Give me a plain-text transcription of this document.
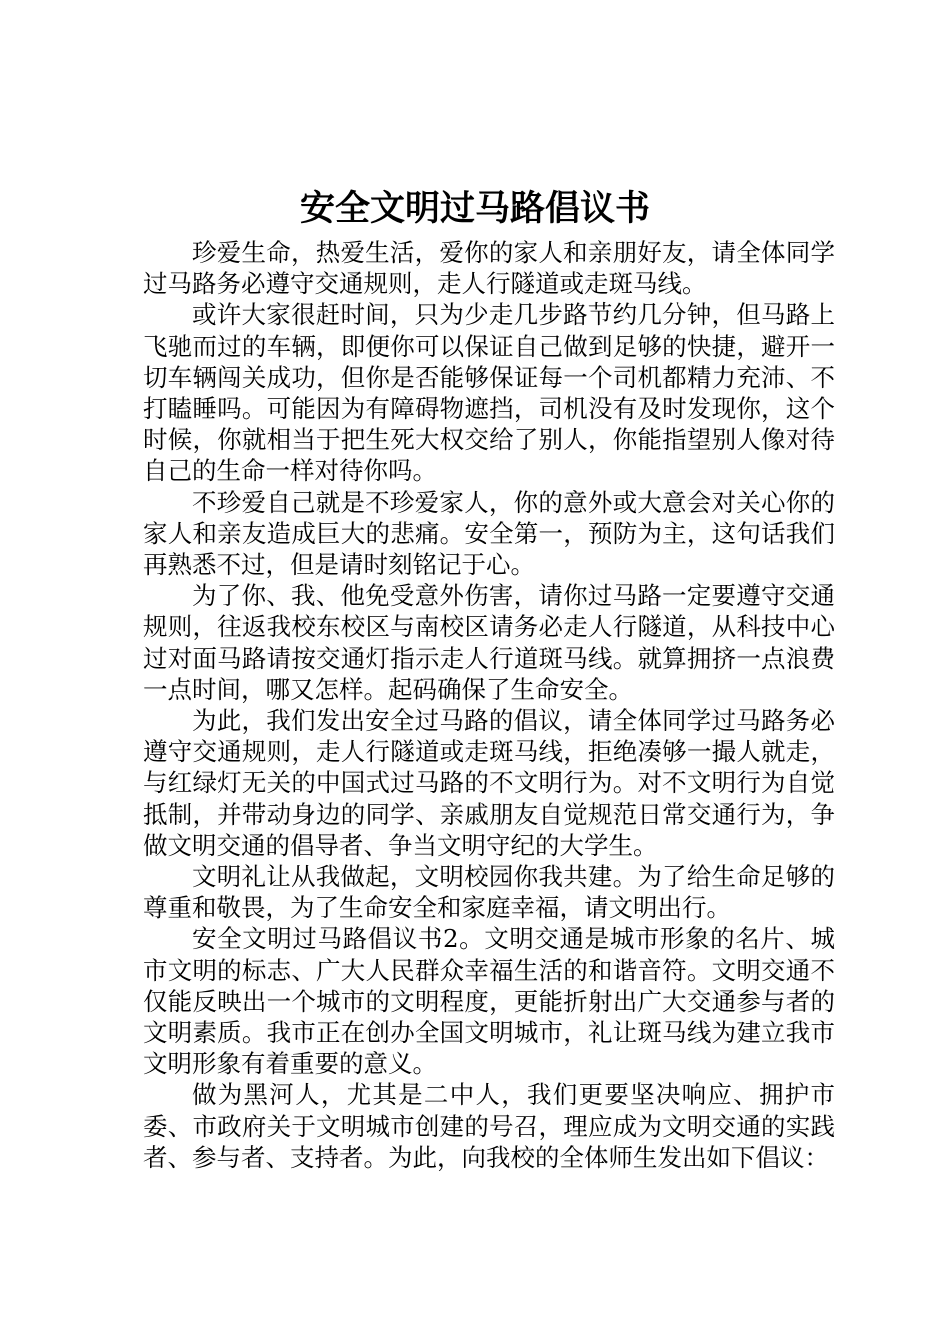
安全文明过马路倡议书

珍爱生命，热爱生活，爱你的家人和亲朋好友，请全体同学过马路务必遵守交通规则，走人行隧道或走斑马线。

或许大家很赶时间，只为少走几步路节约几分钟，但马路上飞驰而过的车辆，即便你可以保证自己做到足够的快捷，避开一切车辆闯关成功，但你是否能够保证每一个司机都精力充沛、不打瞌睡吗。可能因为有障碍物遮挡，司机没有及时发现你，这个时候，你就相当于把生死大权交给了别人，你能指望别人像对待自己的生命一样对待你吗。

不珍爱自己就是不珍爱家人，你的意外或大意会对关心你的家人和亲友造成巨大的悲痛。安全第一，预防为主，这句话我们再熟悉不过，但是请时刻铭记于心。

为了你、我、他免受意外伤害，请你过马路一定要遵守交通规则，往返我校东校区与南校区请务必走人行隧道，从科技中心过对面马路请按交通灯指示走人行道斑马线。就算拥挤一点浪费一点时间，哪又怎样。起码确保了生命安全。

为此，我们发出安全过马路的倡议，请全体同学过马路务必遵守交通规则，走人行隧道或走斑马线，拒绝凑够一撮人就走，与红绿灯无关的中国式过马路的不文明行为。对不文明行为自觉抵制，并带动身边的同学、亲戚朋友自觉规范日常交通行为，争做文明交通的倡导者、争当文明守纪的大学生。

文明礼让从我做起，文明校园你我共建。为了给生命足够的尊重和敬畏，为了生命安全和家庭幸福，请文明出行。

安全文明过马路倡议书2。文明交通是城市形象的名片、城市文明的标志、广大人民群众幸福生活的和谐音符。文明交通不仅能反映出一个城市的文明程度，更能折射出广大交通参与者的文明素质。我市正在创办全国文明城市，礼让斑马线为建立我市文明形象有着重要的意义。

做为黑河人，尤其是二中人，我们更要坚决响应、拥护市委、市政府关于文明城市创建的号召，理应成为文明交通的实践者、参与者、支持者。为此，向我校的全体师生发出如下倡议：
